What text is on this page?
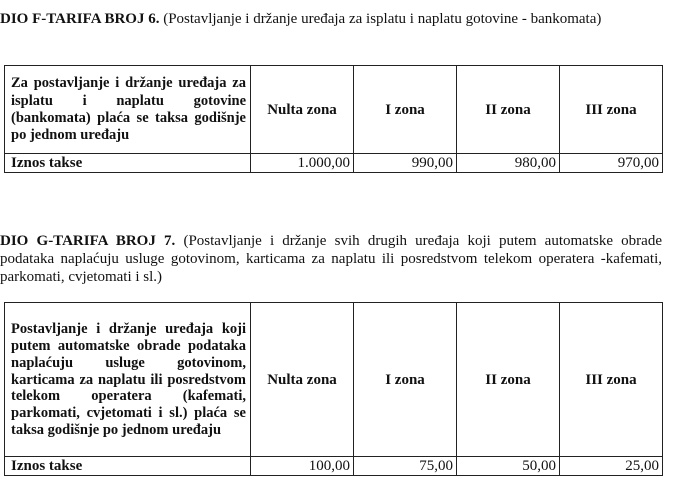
DIO F-TARIFA BROJ 6. (Postavljanje i držanje uređaja za isplatu i naplatu gotovine - bankomata)
Za postavljanje i držanje uređaja za isplatu i naplatu gotovine (bankomata) plaća se taksa godišnje po jednom uređaju	Nulta zona	I zona	II zona	III zona
Iznos takse	1.000,00	990,00	980,00	970,00
DIO G-TARIFA BROJ 7. (Postavljanje i držanje svih drugih uređaja koji putem automatske obrade podataka naplaćuju usluge gotovinom, karticama za naplatu ili posredstvom telekom operatera -kafemati, parkomati, cvjetomati i sl.)
Postavljanje i držanje uređaja koji putem automatske obrade podataka naplaćuju usluge gotovinom, karticama za naplatu ili posredstvom telekom operatera (kafemati, parkomati, cvjetomati i sl.) plaća se taksa godišnje po jednom uređaju	Nulta zona	I zona	II zona	III zona
Iznos takse	100,00	75,00	50,00	25,00
